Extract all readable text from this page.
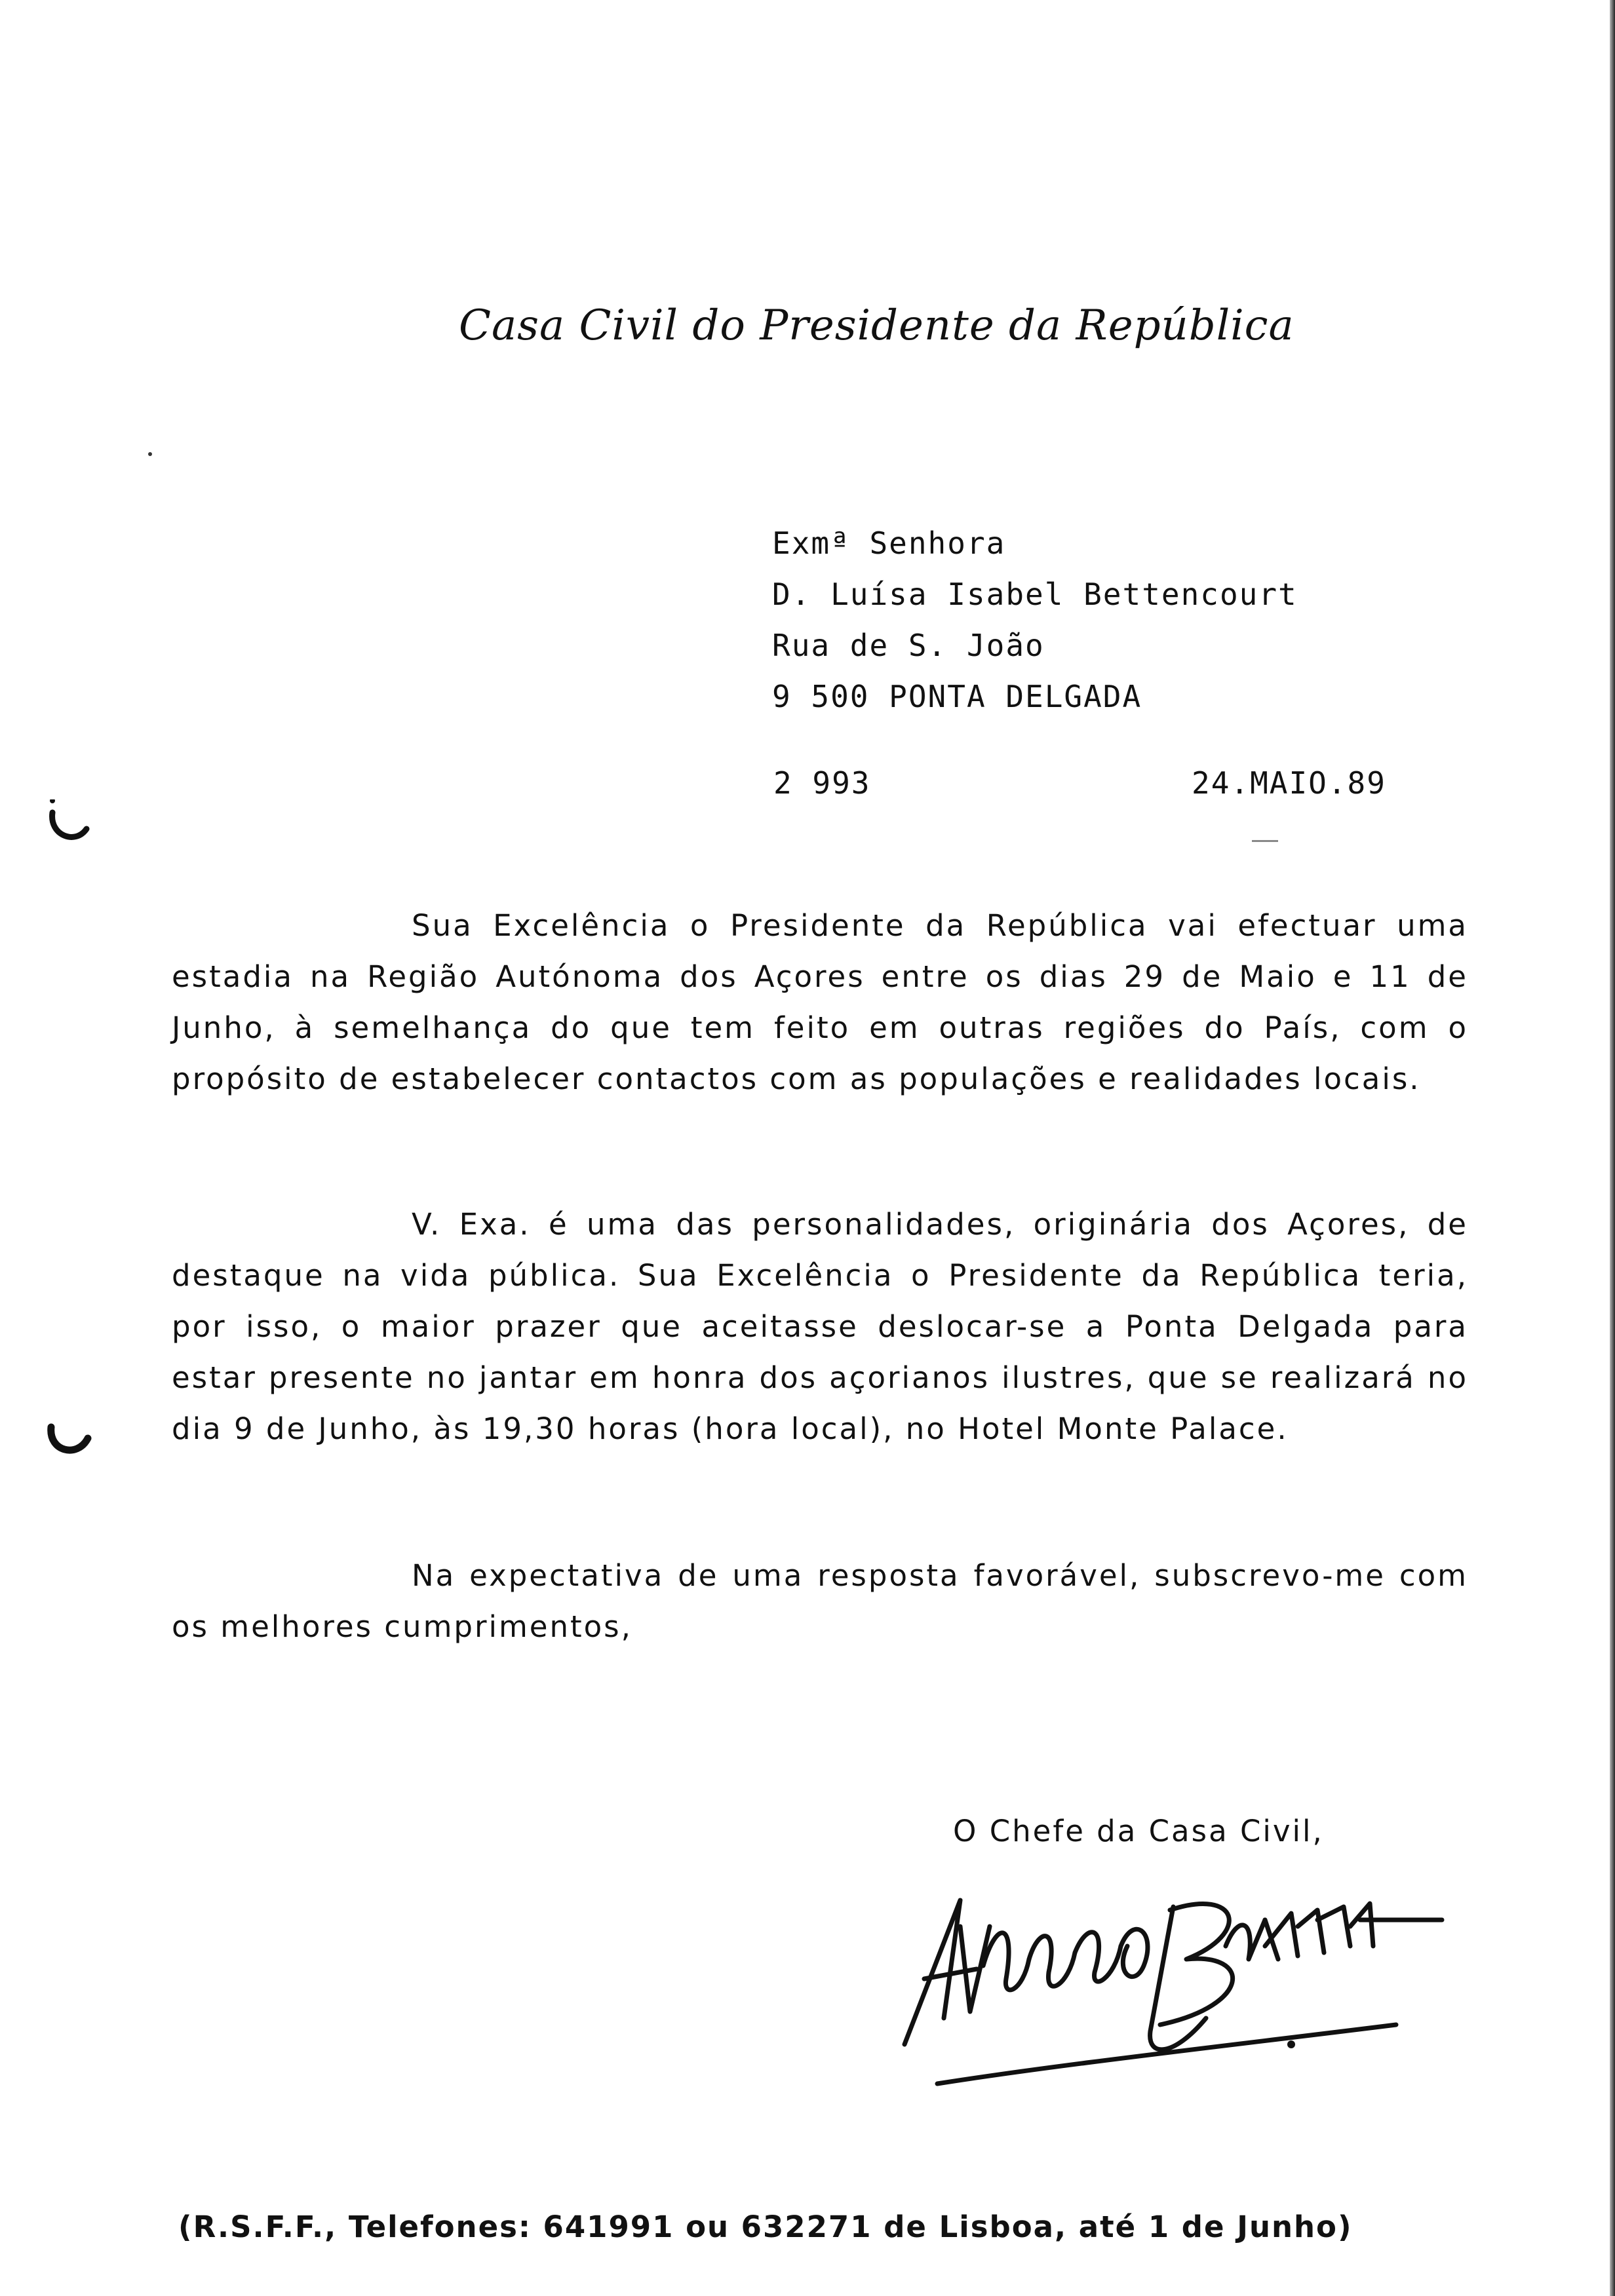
Casa Civil do Presidente da República
Exmª Senhora
D. Luísa Isabel Bettencourt
Rua de S. João
9 500 PONTA DELGADA
2 993	24.MAIO.89
Sua Excelência o Presidente da República vai efectuar uma estadia na Região Autónoma dos Açores entre os dias 29 de Maio e 11 de Junho, à semelhança do que tem feito em outras regiões do País, com o propósito de estabelecer contactos com as populações e realidades locais.
V. Exa. é uma das personalidades, originária dos Açores, de destaque na vida pública. Sua Excelência o Presidente da República teria, por isso, o maior prazer que aceitasse deslocar-se a Ponta Delgada para estar presente no jantar em honra dos açorianos ilustres, que se realizará no dia 9 de Junho, às 19,30 horas (hora local), no Hotel Monte Palace.
Na expectativa de uma resposta favorável, subscrevo-me com os melhores cumprimentos,
O Chefe da Casa Civil,
(R.S.F.F., Telefones: 641991 ou 632271 de Lisboa, até 1 de Junho)
